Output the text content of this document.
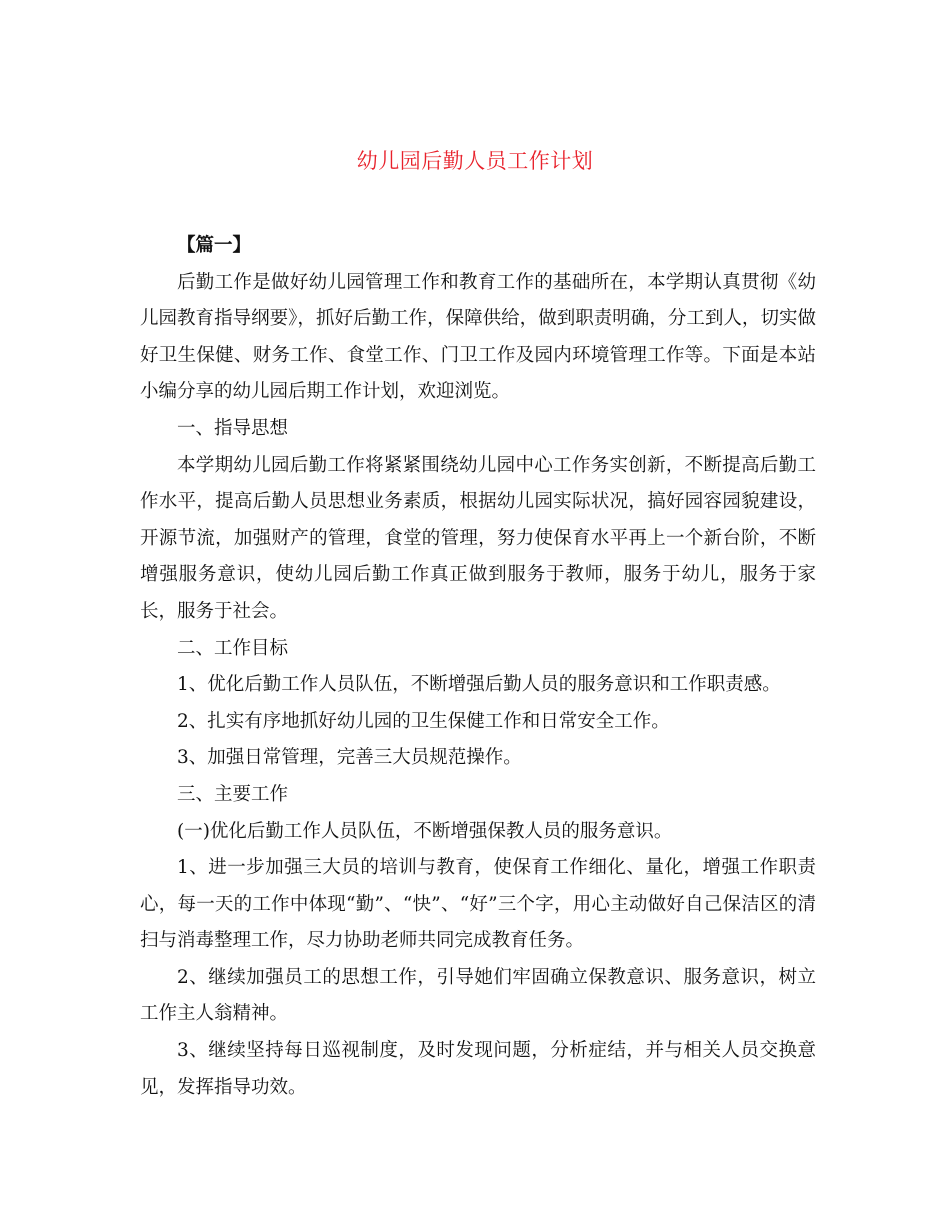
幼儿园后勤人员工作计划

【篇一】

后勤工作是做好幼儿园管理工作和教育工作的基础所在，本学期认真贯彻《幼儿园教育指导纲要》，抓好后勤工作，保障供给，做到职责明确，分工到人，切实做好卫生保健、财务工作、食堂工作、门卫工作及园内环境管理工作等。下面是本站小编分享的幼儿园后期工作计划，欢迎浏览。

一、指导思想

本学期幼儿园后勤工作将紧紧围绕幼儿园中心工作务实创新，不断提高后勤工作水平，提高后勤人员思想业务素质，根据幼儿园实际状况，搞好园容园貌建设，开源节流，加强财产的管理，食堂的管理，努力使保育水平再上一个新台阶，不断增强服务意识，使幼儿园后勤工作真正做到服务于教师，服务于幼儿，服务于家长，服务于社会。

二、工作目标

1、优化后勤工作人员队伍，不断增强后勤人员的服务意识和工作职责感。

2、扎实有序地抓好幼儿园的卫生保健工作和日常安全工作。

3、加强日常管理，完善三大员规范操作。

三、主要工作

(一)优化后勤工作人员队伍，不断增强保教人员的服务意识。

1、进一步加强三大员的培训与教育，使保育工作细化、量化，增强工作职责心，每一天的工作中体现“勤”、“快”、“好”三个字，用心主动做好自己保洁区的清扫与消毒整理工作，尽力协助老师共同完成教育任务。

2、继续加强员工的思想工作，引导她们牢固确立保教意识、服务意识，树立工作主人翁精神。

3、继续坚持每日巡视制度，及时发现问题，分析症结，并与相关人员交换意见，发挥指导功效。
